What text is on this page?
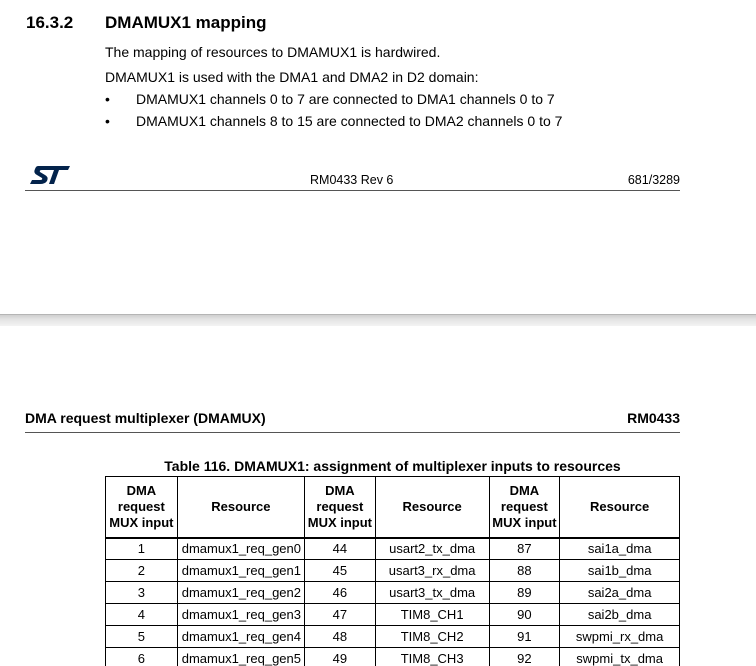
16.3.2 DMAMUX1 mapping
The mapping of resources to DMAMUX1 is hardwired.
DMAMUX1 is used with the DMA1 and DMA2 in D2 domain:
• DMAMUX1 channels 0 to 7 are connected to DMA1 channels 0 to 7
• DMAMUX1 channels 8 to 15 are connected to DMA2 channels 0 to 7
RM0433 Rev 6	681/3289
DMA request multiplexer (DMAMUX)	RM0433
Table 116. DMAMUX1: assignment of multiplexer inputs to resources
DMA request MUX input	Resource	DMA request MUX input	Resource	DMA request MUX input	Resource
1	dmamux1_req_gen0	44	usart2_tx_dma	87	sai1a_dma
2	dmamux1_req_gen1	45	usart3_rx_dma	88	sai1b_dma
3	dmamux1_req_gen2	46	usart3_tx_dma	89	sai2a_dma
4	dmamux1_req_gen3	47	TIM8_CH1	90	sai2b_dma
5	dmamux1_req_gen4	48	TIM8_CH2	91	swpmi_rx_dma
6	dmamux1_req_gen5	49	TIM8_CH3	92	swpmi_tx_dma
